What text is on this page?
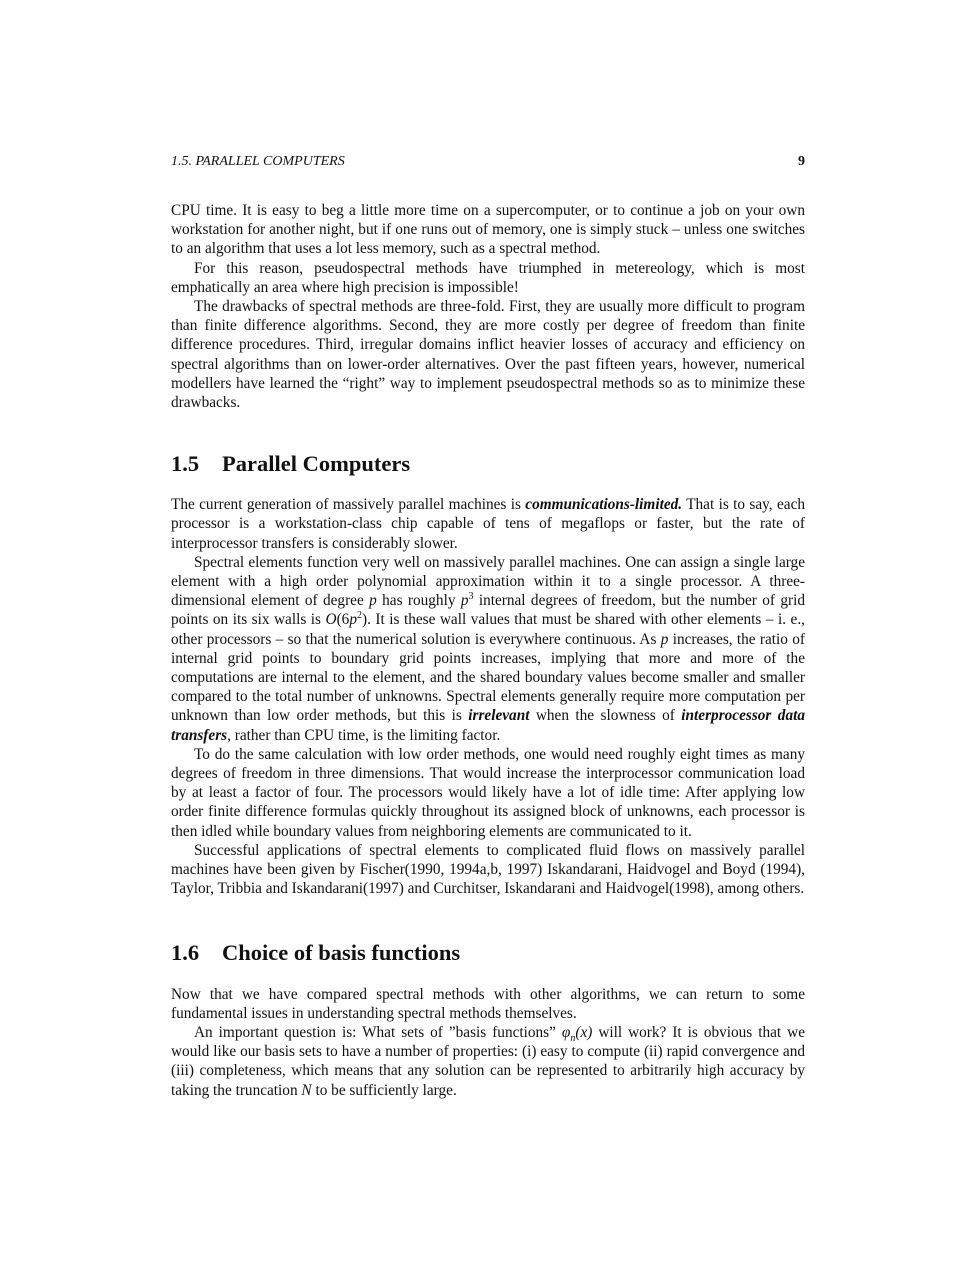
1.5. PARALLEL COMPUTERS	9

CPU time. It is easy to beg a little more time on a supercomputer, or to continue a job on your own workstation for another night, but if one runs out of memory, one is simply stuck – unless one switches to an algorithm that uses a lot less memory, such as a spectral method.

For this reason, pseudospectral methods have triumphed in metereology, which is most emphatically an area where high precision is impossible!

The drawbacks of spectral methods are three-fold. First, they are usually more difficult to program than finite difference algorithms. Second, they are more costly per degree of freedom than finite difference procedures. Third, irregular domains inflict heavier losses of accuracy and efficiency on spectral algorithms than on lower-order alternatives. Over the past fifteen years, however, numerical modellers have learned the “right” way to implement pseudospectral methods so as to minimize these drawbacks.

1.5 Parallel Computers

The current generation of massively parallel machines is communications-limited. That is to say, each processor is a workstation-class chip capable of tens of megaflops or faster, but the rate of interprocessor transfers is considerably slower.

Spectral elements function very well on massively parallel machines. One can assign a single large element with a high order polynomial approximation within it to a single processor. A three-dimensional element of degree p has roughly $p^3$ internal degrees of freedom, but the number of grid points on its six walls is $O(6p^2)$. It is these wall values that must be shared with other elements – i. e., other processors – so that the numerical solution is everywhere continuous. As p increases, the ratio of internal grid points to boundary grid points increases, implying that more and more of the computations are internal to the element, and the shared boundary values become smaller and smaller compared to the total number of unknowns. Spectral elements generally require more computation per unknown than low order methods, but this is irrelevant when the slowness of interprocessor data transfers, rather than CPU time, is the limiting factor.

To do the same calculation with low order methods, one would need roughly eight times as many degrees of freedom in three dimensions. That would increase the interprocessor communication load by at least a factor of four. The processors would likely have a lot of idle time: After applying low order finite difference formulas quickly throughout its assigned block of unknowns, each processor is then idled while boundary values from neighboring elements are communicated to it.

Successful applications of spectral elements to complicated fluid flows on massively parallel machines have been given by Fischer(1990, 1994a,b, 1997) Iskandarani, Haidvogel and Boyd (1994), Taylor, Tribbia and Iskandarani(1997) and Curchitser, Iskandarani and Haidvogel(1998), among others.

1.6 Choice of basis functions

Now that we have compared spectral methods with other algorithms, we can return to some fundamental issues in understanding spectral methods themselves.

An important question is: What sets of ”basis functions” $\varphi_n(x)$ will work? It is obvious that we would like our basis sets to have a number of properties: (i) easy to compute (ii) rapid convergence and (iii) completeness, which means that any solution can be represented to arbitrarily high accuracy by taking the truncation N to be sufficiently large.
